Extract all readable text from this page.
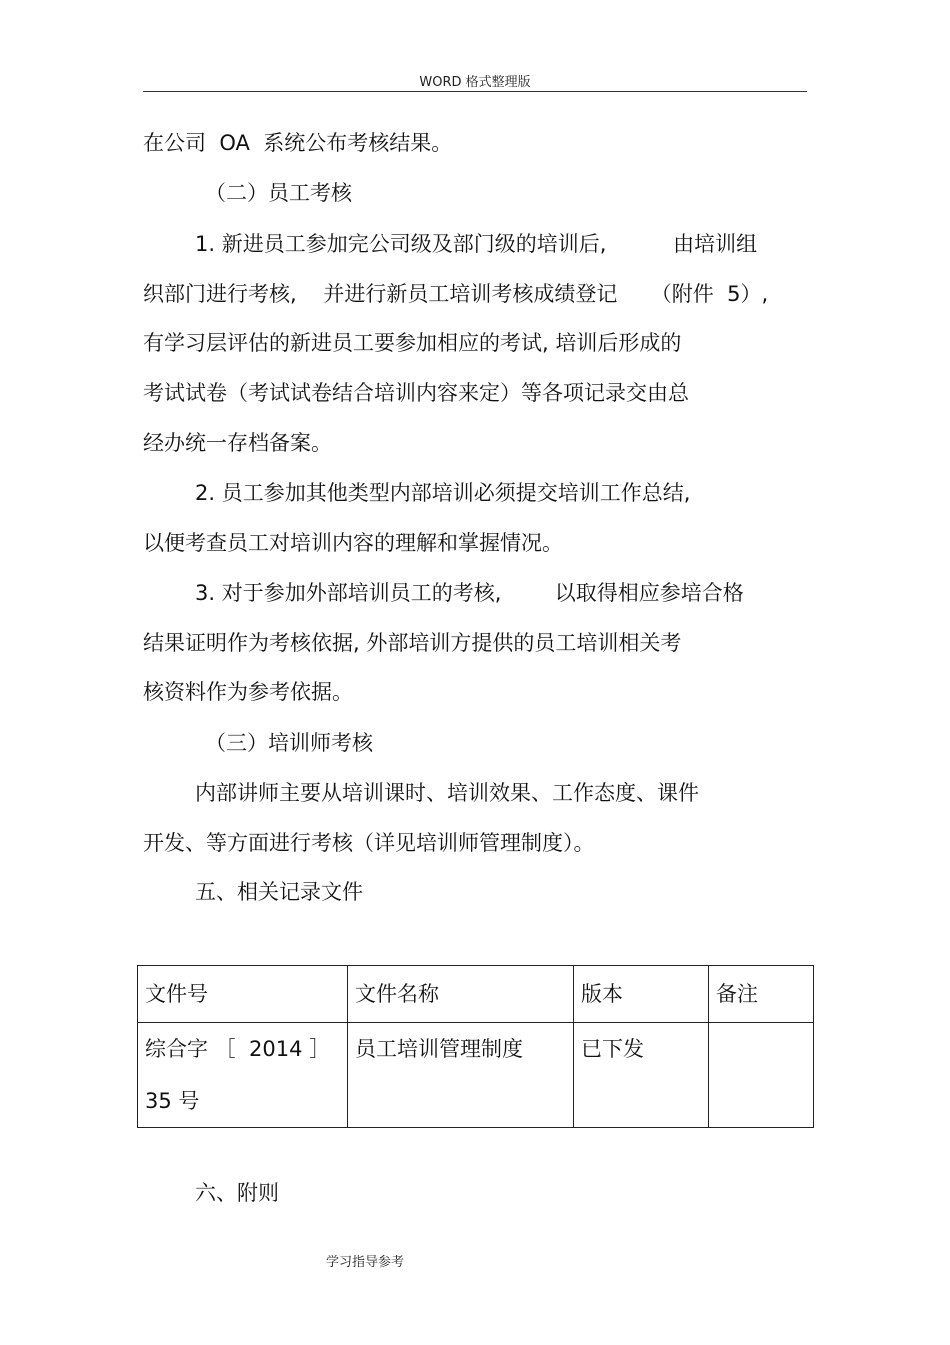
WORD 格式整理版
在公司  OA  系统公布考核结果。
（二）员工考核
1. 新进员工参加完公司级及部门级的培训后,          由培训组
织部门进行考核,    并进行新员工培训考核成绩登记     （附件  5）,
有学习层评估的新进员工要参加相应的考试, 培训后形成的
考试试卷（考试试卷结合培训内容来定）等各项记录交由总
经办统一存档备案。
2. 员工参加其他类型内部培训必须提交培训工作总结,
以便考查员工对培训内容的理解和掌握情况。
3. 对于参加外部培训员工的考核,        以取得相应参培合格
结果证明作为考核依据, 外部培训方提供的员工培训相关考
核资料作为参考依据。
（三）培训师考核
内部讲师主要从培训课时、培训效果、工作态度、课件
开发、等方面进行考核（详见培训师管理制度）。
五、相关记录文件
文件号	文件名称	版本	备注

综合字 ［  2014 ］
35 号	员工培训管理制度	已下发	
六、附则
学习指导参考
